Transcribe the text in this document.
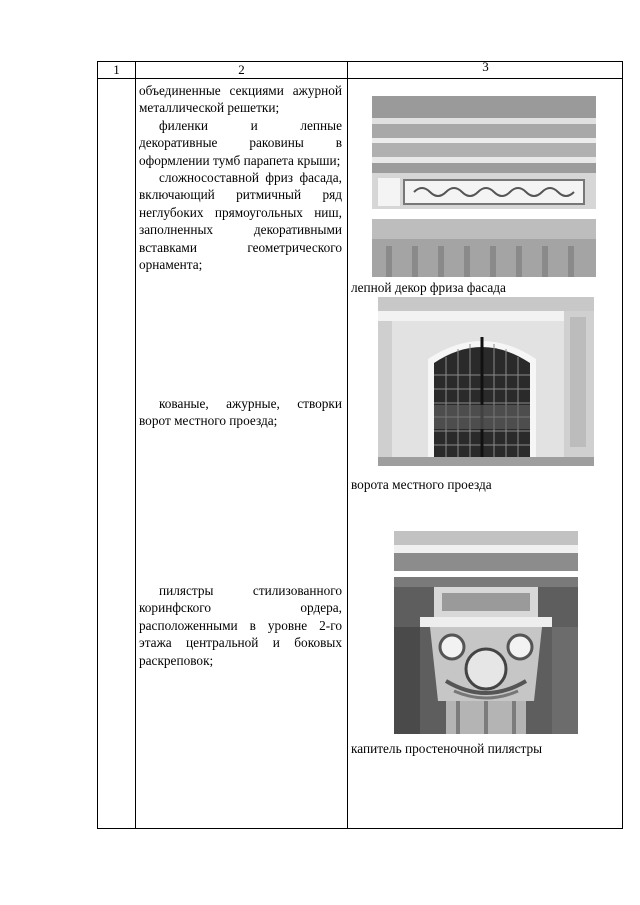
1	2	3

объединенные секциями ажурной металлической решетки;

филенки и лепные декоративные раковины в оформлении тумб парапета крыши;

сложносоставной фриз фасада, включающий ритмичный ряд неглубоких прямоугольных ниш, заполненных декоративными вставками геометрического орнамента;

кованые, ажурные, створки ворот местного проезда;

пилястры стилизованного коринфского ордера, расположенными в уровне 2-го этажа центральной и боковых раскреповок;

лепной декор фриза фасада
ворота местного проезда
капитель простеночной пилястры
